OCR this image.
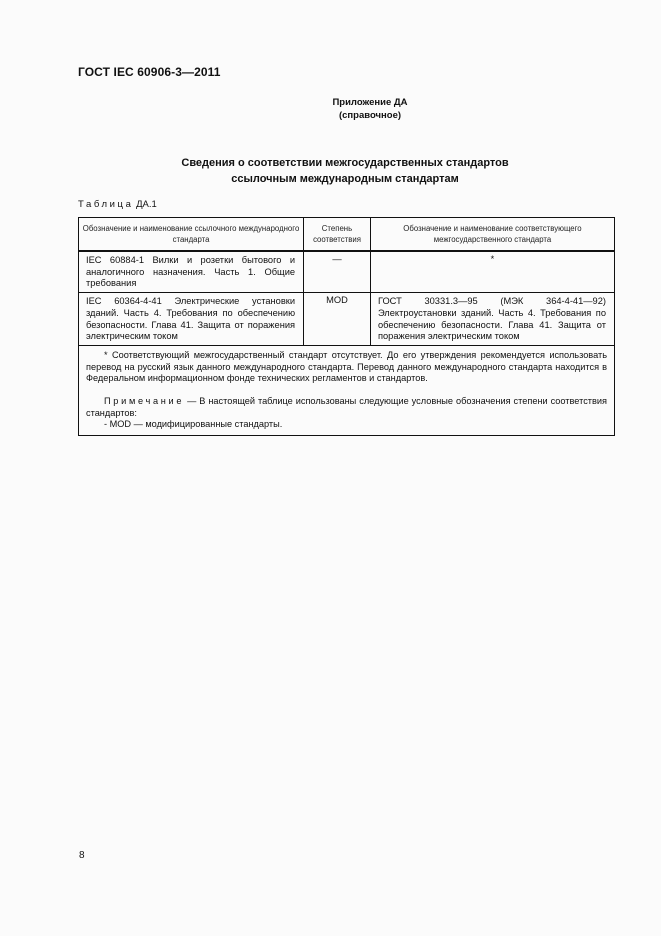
ГОСТ IEC 60906-3—2011
Приложение ДА
(справочное)
Сведения о соответствии межгосударственных стандартов
ссылочным международным стандартам
Таблица ДА.1
Обозначение и наименование ссылочного международного стандарта	Степень соответствия	Обозначение и наименование соответствующего межгосударственного стандарта

IEC 60884-1 Вилки и розетки бытового и аналогичного назначения. Часть 1. Общие требования	—	*

IEC 60364-4-41 Электрические установки зданий. Часть 4. Требования по обеспечению безопасности. Глава 41. Защита от поражения электрическим током	MOD	ГОСТ 30331.3—95 (МЭК 364-4-41—92) Электроустановки зданий. Часть 4. Требования по обеспечению безопасности. Глава 41. Защита от поражения электрическим током

* Соответствующий межгосударственный стандарт отсутствует. До его утверждения рекомендуется использовать перевод на русский язык данного международного стандарта. Перевод данного международного стандарта находится в Федеральном информационном фонде технических регламентов и стандартов.

Примечание — В настоящей таблице использованы следующие условные обозначения степени соответствия стандартов:

- MOD — модифицированные стандарты.		

8
